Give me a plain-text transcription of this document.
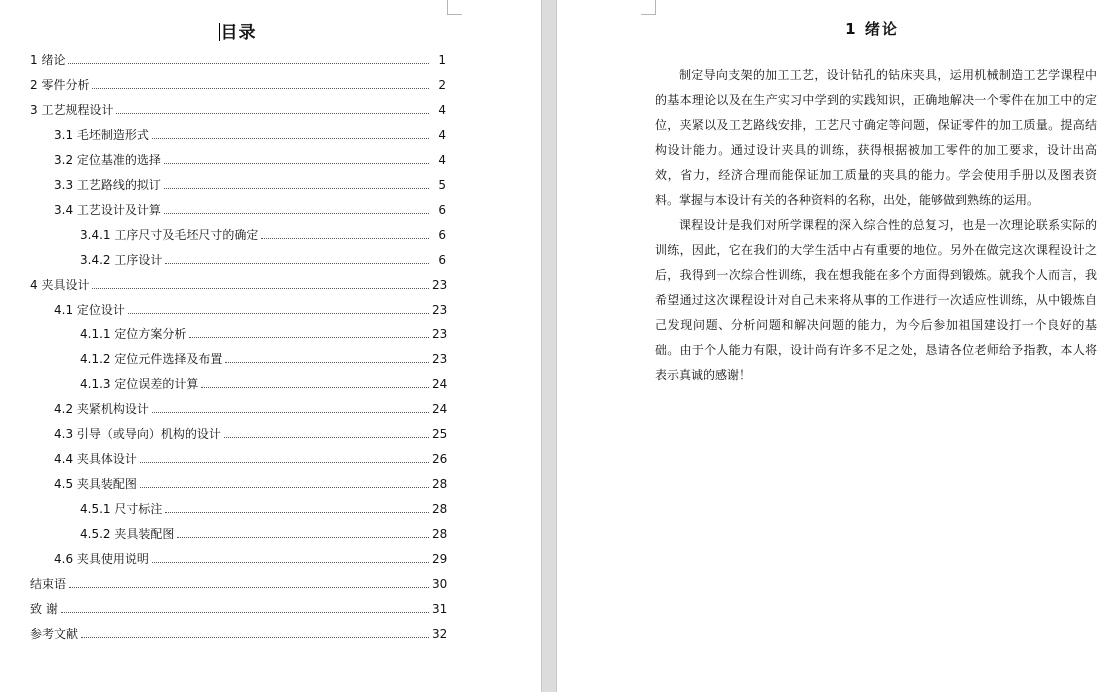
目录
1 绪论	1
2 零件分析	2
3 工艺规程设计	4
3.1 毛坯制造形式	4
3.2 定位基准的选择	4
3.3 工艺路线的拟订	5
3.4 工艺设计及计算	6
3.4.1 工序尺寸及毛坯尺寸的确定	6
3.4.2 工序设计	6
4 夹具设计	23
4.1 定位设计	23
4.1.1 定位方案分析	23
4.1.2 定位元件选择及布置	23
4.1.3 定位误差的计算	24
4.2 夹紧机构设计	24
4.3 引导（或导向）机构的设计	25
4.4 夹具体设计	26
4.5 夹具装配图	28
4.5.1 尺寸标注	28
4.5.2 夹具装配图	28
4.6 夹具使用说明	29
结束语	30
致 谢	31
参考文献	32
1 绪论

制定导向支架的加工工艺，设计钻孔的钻床夹具，运用机械制造工艺学课程中的基本理论以及在生产实习中学到的实践知识，正确地解决一个零件在加工中的定位，夹紧以及工艺路线安排，工艺尺寸确定等问题，保证零件的加工质量。提高结构设计能力。通过设计夹具的训练，获得根据被加工零件的加工要求，设计出高效，省力，经济合理而能保证加工质量的夹具的能力。学会使用手册以及图表资料。掌握与本设计有关的各种资料的名称，出处，能够做到熟练的运用。

课程设计是我们对所学课程的深入综合性的总复习，也是一次理论联系实际的训练，因此，它在我们的大学生活中占有重要的地位。另外在做完这次课程设计之后，我得到一次综合性训练，我在想我能在多个方面得到锻炼。就我个人而言，我希望通过这次课程设计对自己未来将从事的工作进行一次适应性训练，从中锻炼自己发现问题、分析问题和解决问题的能力，为今后参加祖国建设打一个良好的基础。由于个人能力有限，设计尚有许多不足之处，恳请各位老师给予指教，本人将表示真诚的感谢！
